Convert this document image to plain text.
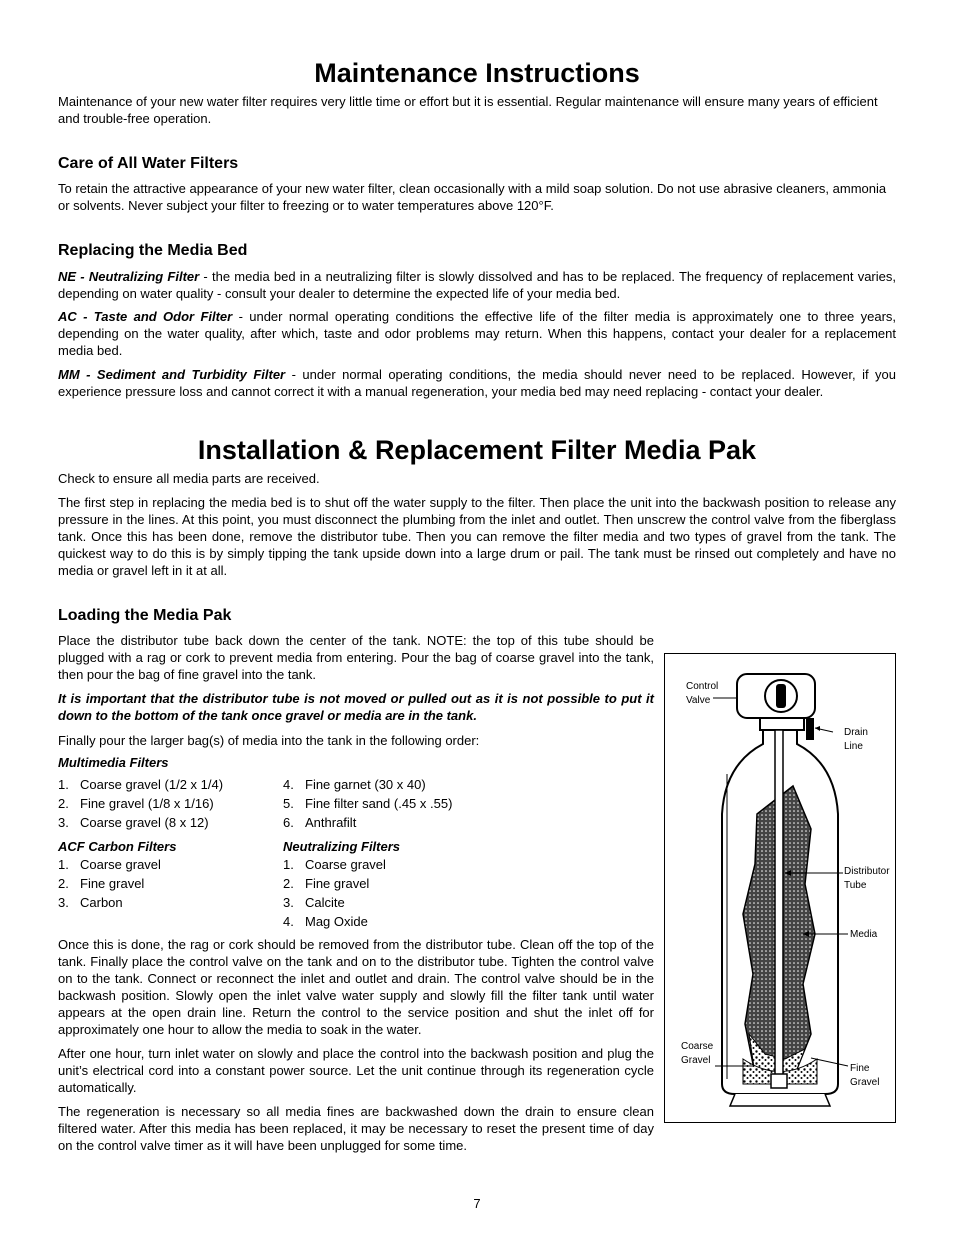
Maintenance Instructions

Maintenance of your new water filter requires very little time or effort but it is essential. Regular maintenance will ensure many years of efficient and trouble-free operation.

Care of All Water Filters

To retain the attractive appearance of your new water filter, clean occasionally with a mild soap solution. Do not use abrasive cleaners, ammonia or solvents. Never subject your filter to freezing or to water temperatures above 120°F.

Replacing the Media Bed

NE - Neutralizing Filter - the media bed in a neutralizing filter is slowly dissolved and has to be replaced. The frequency of replacement varies, depending on water quality - consult your dealer to determine the expected life of your media bed.

AC - Taste and Odor Filter - under normal operating conditions the effective life of the filter media is approximately one to three years, depending on the water quality, after which, taste and odor problems may return. When this happens, contact your dealer for a replacement media bed.

MM - Sediment and Turbidity Filter - under normal operating conditions, the media should never need to be replaced. However, if you experience pressure loss and cannot correct it with a manual regeneration, your media bed may need replacing - contact your dealer.

Installation & Replacement Filter Media Pak

Check to ensure all media parts are received.

The first step in replacing the media bed is to shut off the water supply to the filter. Then place the unit into the backwash position to release any pressure in the lines. At this point, you must disconnect the plumbing from the inlet and outlet. Then unscrew the control valve from the fiberglass tank. Once this has been done, remove the distributor tube. Then you can remove the filter media and two types of gravel from the tank. The quickest way to do this is by simply tipping the tank upside down into a large drum or pail. The tank must be rinsed out completely and have no media or gravel left in it at all.

Loading the Media Pak

Place the distributor tube back down the center of the tank. NOTE: the top of this tube should be plugged with a rag or cork to prevent media from entering. Pour the bag of coarse gravel into the tank, then pour the bag of fine gravel into the tank.

It is important that the distributor tube is not moved or pulled out as it is not possible to put it down to the bottom of the tank once gravel or media are in the tank.

Finally pour the larger bag(s) of media into the tank in the following order:

Multimedia Filters
1. Coarse gravel (1/2 x 1/4)
2. Fine gravel (1/8 x 1/16)
3. Coarse gravel (8 x 12)
4. Fine garnet (30 x 40)
5. Fine filter sand (.45 x .55)
6. Anthrafilt
ACF Carbon Filters	Neutralizing Filters
1. Coarse gravel
2. Fine gravel
3. Carbon
1. Coarse gravel
2. Fine gravel
3. Calcite
4. Mag Oxide

Once this is done, the rag or cork should be removed from the distributor tube. Clean off the top of the tank. Finally place the control valve on the tank and on to the distributor tube. Tighten the control valve on to the tank. Connect or reconnect the inlet and outlet and drain. The control valve should be in the backwash position. Slowly open the inlet valve water supply and slowly fill the filter tank until water appears at the open drain line. Return the control to the service position and shut the inlet off for approximately one hour to allow the media to soak in the water.

After one hour, turn inlet water on slowly and place the control into the backwash position and plug the unit’s electrical cord into a constant power source. Let the unit continue through its regeneration cycle automatically.

The regeneration is necessary so all media fines are backwashed down the drain to ensure clean filtered water. After this media has been replaced, it may be necessary to reset the present time of day on the control valve timer as it will have been unplugged for some time.

Control
Valve
Drain
Line
Distributor
Tube
Media
Coarse
Gravel
Fine
Gravel
7
